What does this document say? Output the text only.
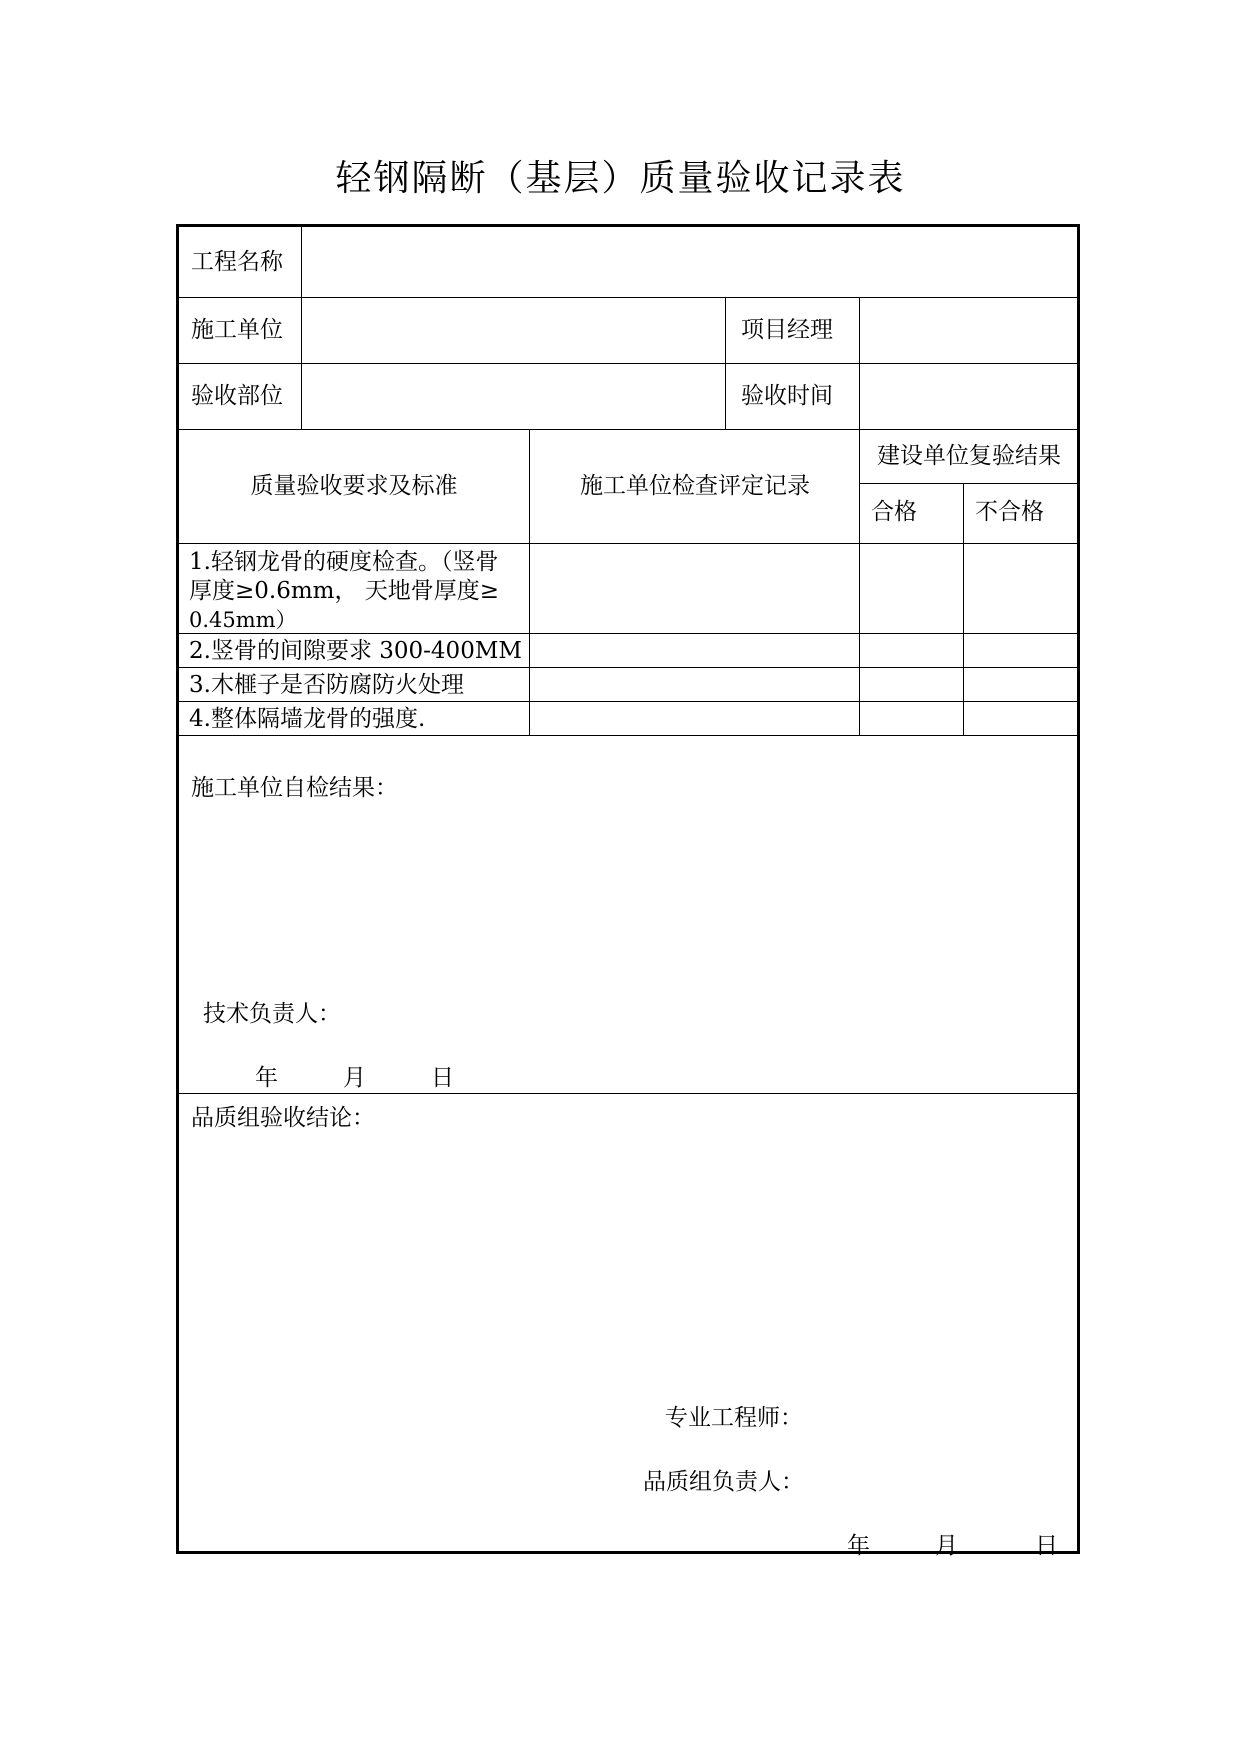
轻钢隔断（基层）质量验收记录表
工程名称
施工单位	项目经理
验收部位	验收时间
质量验收要求及标准	施工单位检查评定记录
建设单位复验结果
合格	不合格
1.轻钢龙骨的硬度检查。（竖骨
厚度≥0.6mm， 天地骨厚度≥
0.45mm）
2.竖骨的间隙要求 300-400MM
3.木榧子是否防腐防火处理
4.整体隔墙龙骨的强度.
施工单位自检结果：
技术负责人：
年	月	日
品质组验收结论：
专业工程师：
品质组负责人：
年	月	日
